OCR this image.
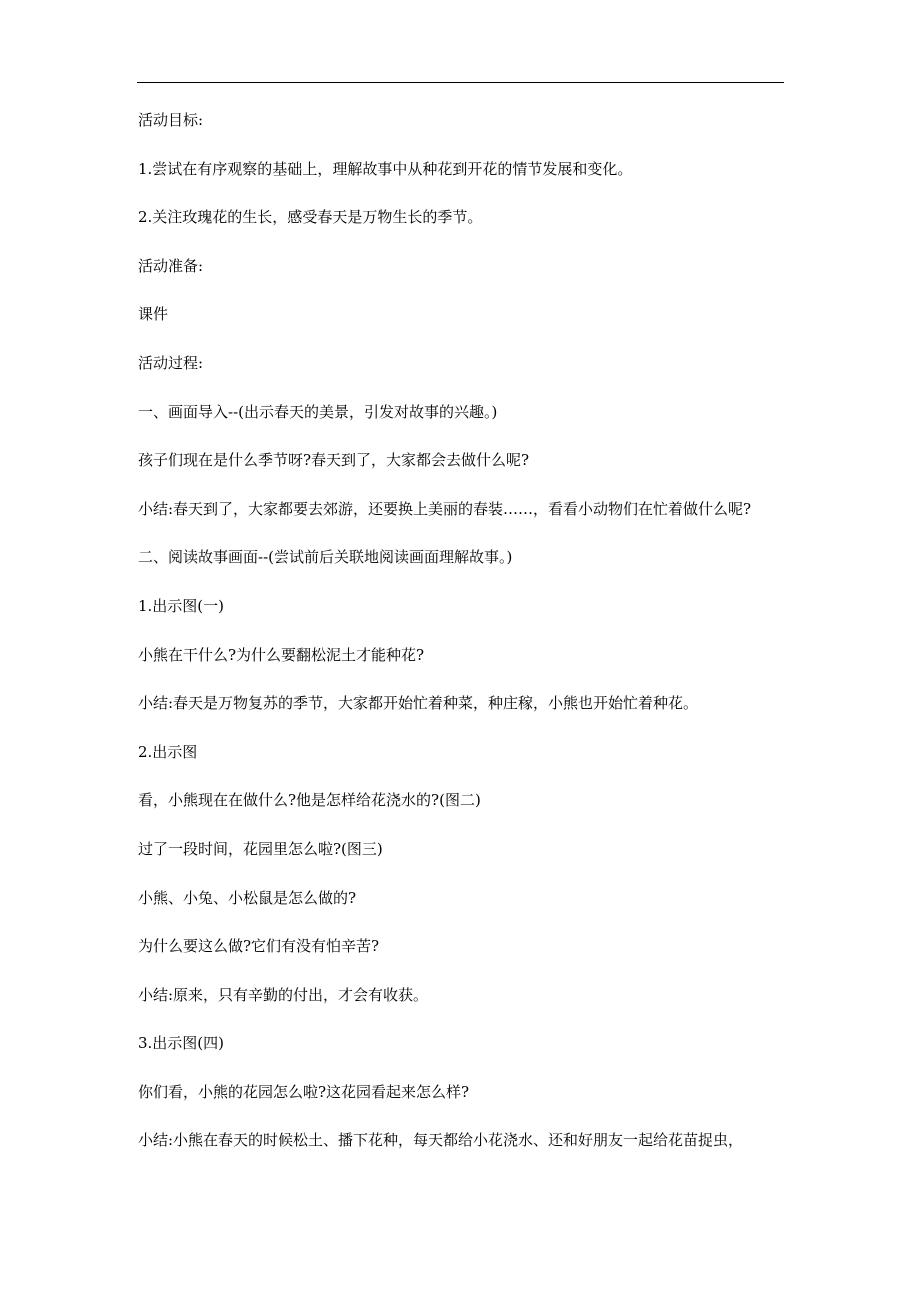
活动目标:

1.尝试在有序观察的基础上，理解故事中从种花到开花的情节发展和变化。

2.关注玫瑰花的生长，感受春天是万物生长的季节。

活动准备:

课件

活动过程:

一、画面导入--(出示春天的美景，引发对故事的兴趣。)

孩子们现在是什么季节呀?春天到了，大家都会去做什么呢?

小结:春天到了，大家都要去郊游，还要换上美丽的春装……，看看小动物们在忙着做什么呢?

二、阅读故事画面--(尝试前后关联地阅读画面理解故事。)

1.出示图(一)

小熊在干什么?为什么要翻松泥土才能种花?

小结:春天是万物复苏的季节，大家都开始忙着种菜，种庄稼，小熊也开始忙着种花。

2.出示图

看，小熊现在在做什么?他是怎样给花浇水的?(图二)

过了一段时间，花园里怎么啦?(图三)

小熊、小兔、小松鼠是怎么做的?

为什么要这么做?它们有没有怕辛苦?

小结:原来，只有辛勤的付出，才会有收获。

3.出示图(四)

你们看，小熊的花园怎么啦?这花园看起来怎么样?

小结:小熊在春天的时候松土、播下花种，每天都给小花浇水、还和好朋友一起给花苗捉虫，
